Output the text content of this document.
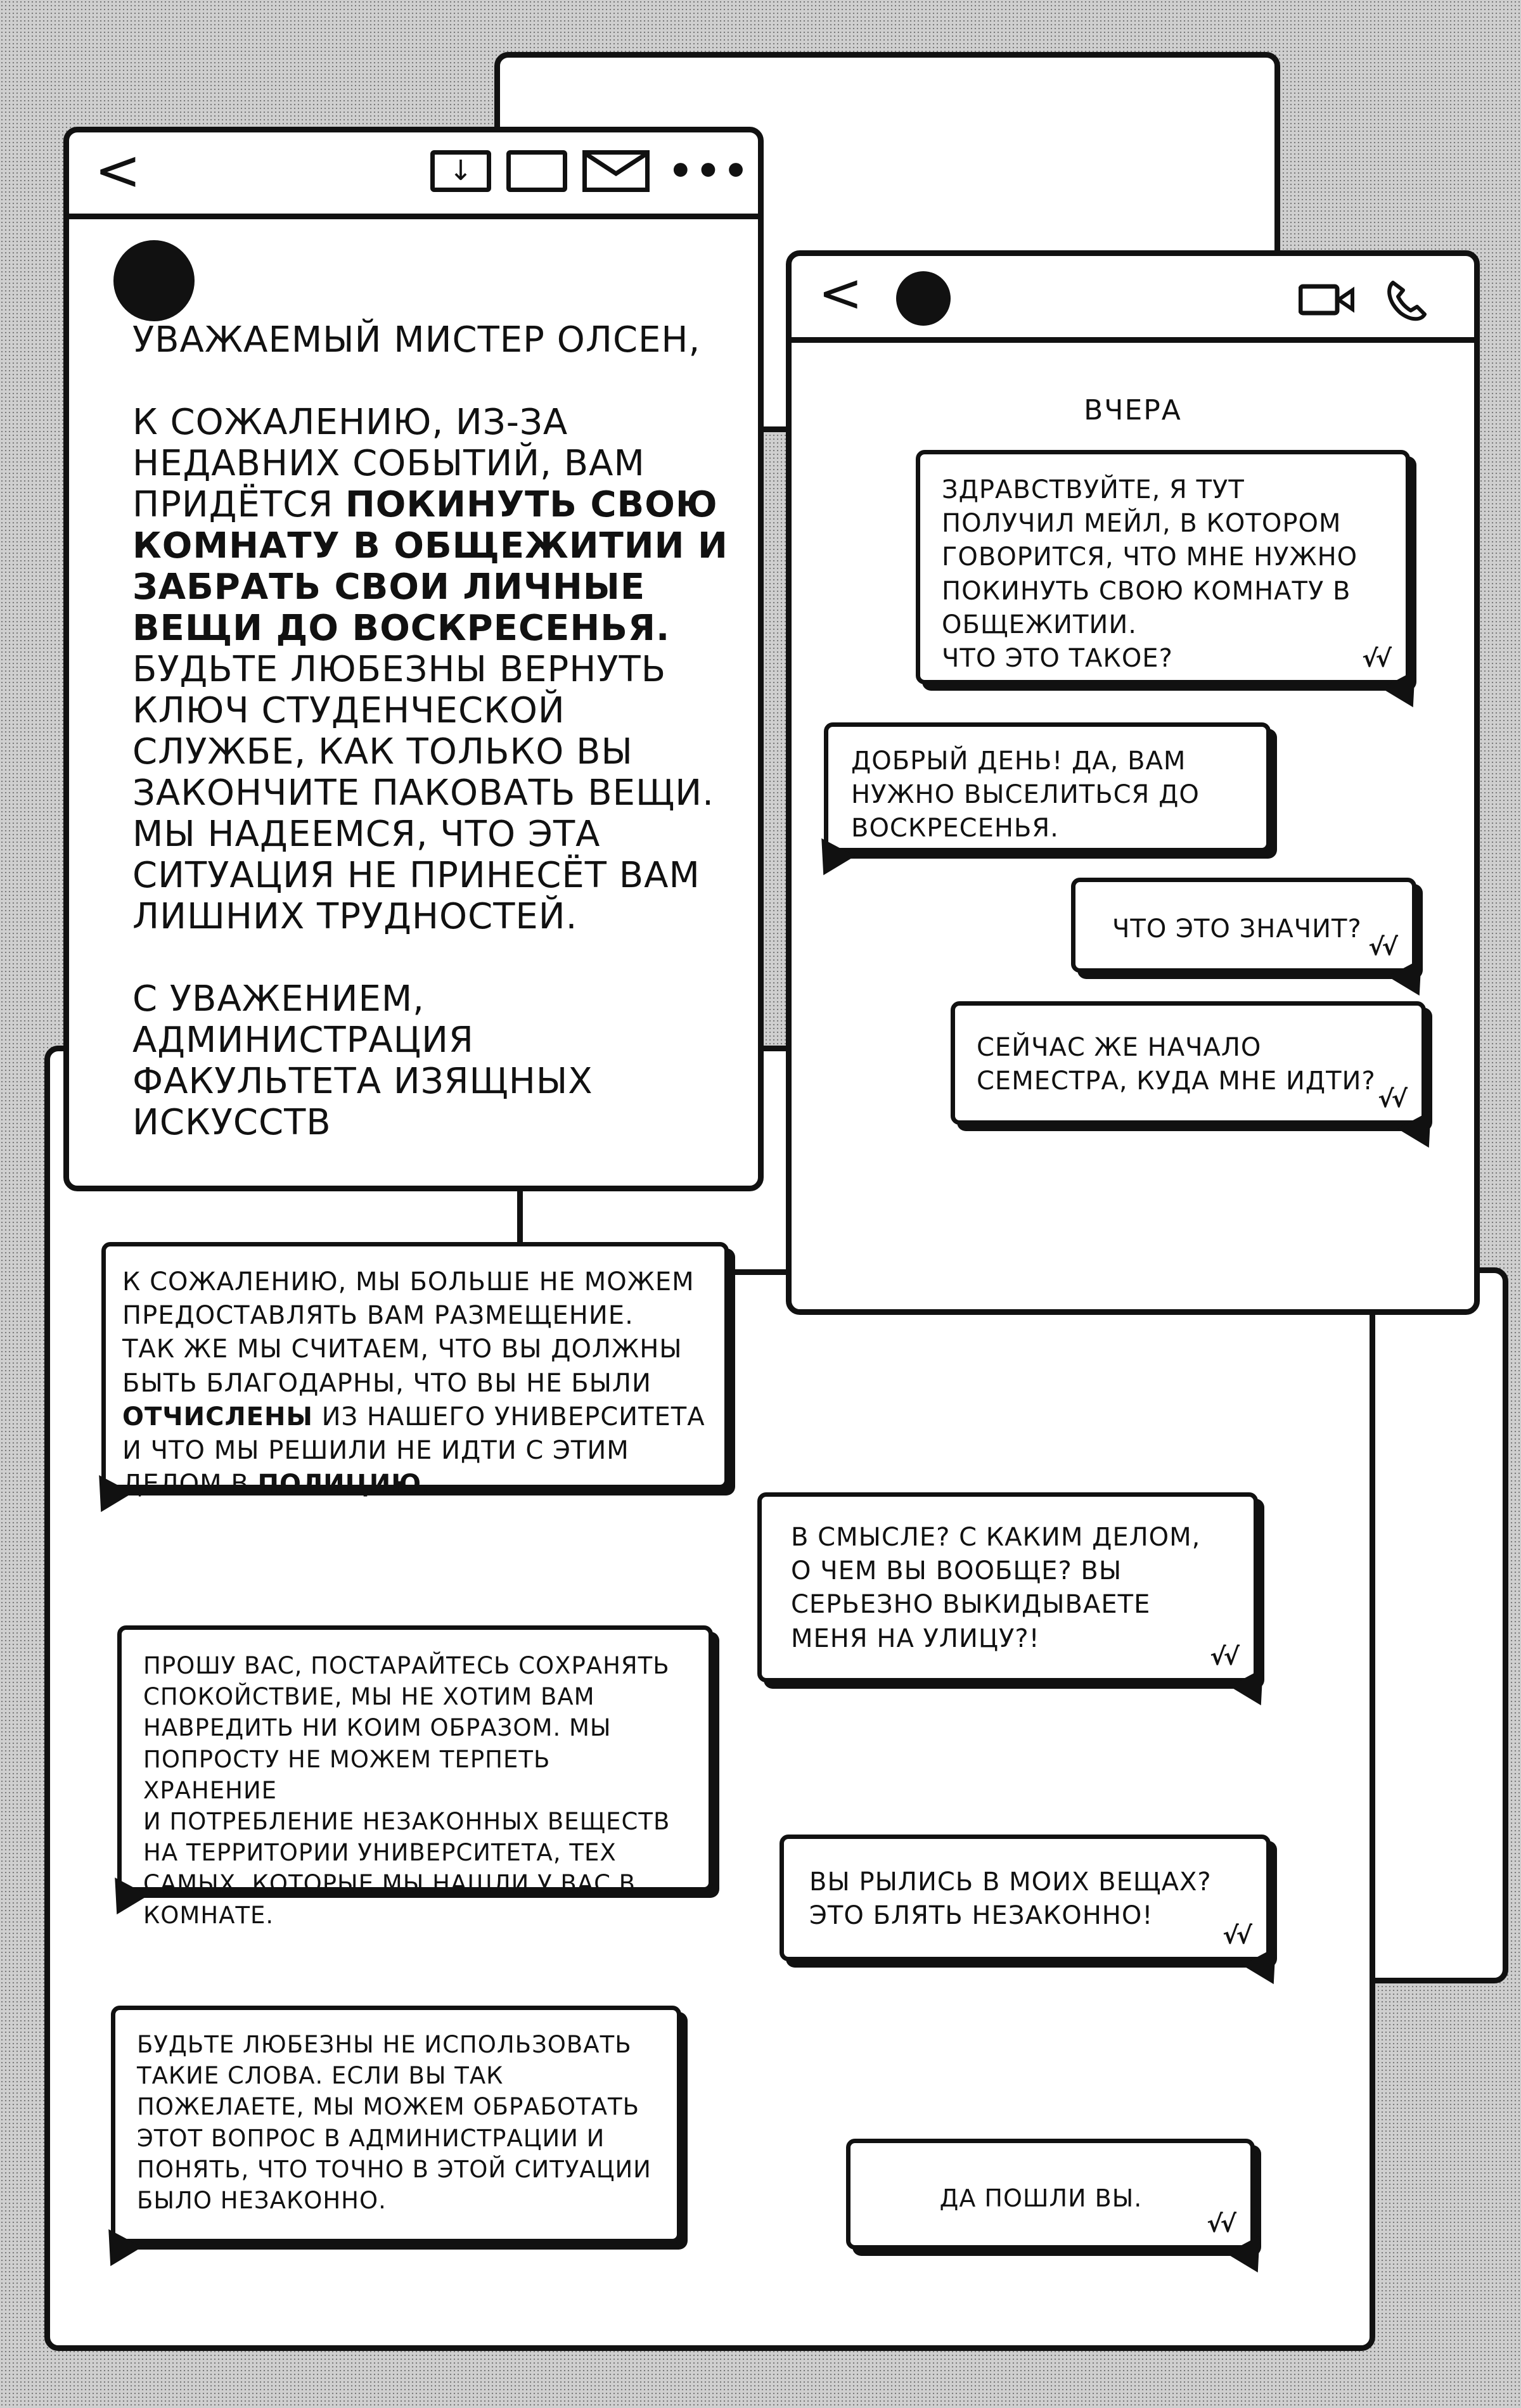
<	↓	•••
УВАЖАЕМЫЙ МИСТЕР ОЛСЕН,
К СОЖАЛЕНИЮ, ИЗ-ЗА
НЕДАВНИХ СОБЫТИЙ, ВАМ
ПРИДЁТСЯ ПОКИНУТЬ СВОЮ
КОМНАТУ В ОБЩЕЖИТИИ И
ЗАБРАТЬ СВОИ ЛИЧНЫЕ
ВЕЩИ ДО ВОСКРЕСЕНЬЯ.
БУДЬТЕ ЛЮБЕЗНЫ ВЕРНУТЬ
КЛЮЧ СТУДЕНЧЕСКОЙ
СЛУЖБЕ, КАК ТОЛЬКО ВЫ
ЗАКОНЧИТЕ ПАКОВАТЬ ВЕЩИ.
МЫ НАДЕЕМСЯ, ЧТО ЭТА
СИТУАЦИЯ НЕ ПРИНЕСЁТ ВАМ
ЛИШНИХ ТРУДНОСТЕЙ.
С УВАЖЕНИЕМ,
АДМИНИСТРАЦИЯ
ФАКУЛЬТЕТА ИЗЯЩНЫХ
ИСКУССТВ
<
ВЧЕРА
ЗДРАВСТВУЙТЕ, Я ТУТ
ПОЛУЧИЛ МЕЙЛ, В КОТОРОМ
ГОВОРИТСЯ, ЧТО МНЕ НУЖНО
ПОКИНУТЬ СВОЮ КОМНАТУ В
ОБЩЕЖИТИИ.
ЧТО ЭТО ТАКОЕ?	√√
ДОБРЫЙ ДЕНЬ! ДА, ВАМ
НУЖНО ВЫСЕЛИТЬСЯ ДО
ВОСКРЕСЕНЬЯ.
ЧТО ЭТО ЗНАЧИТ?
√√
СЕЙЧАС ЖЕ НАЧАЛО
СЕМЕСТРА, КУДА МНЕ ИДТИ?
√√
К СОЖАЛЕНИЮ, МЫ БОЛЬШЕ НЕ МОЖЕМ
ПРЕДОСТАВЛЯТЬ ВАМ РАЗМЕЩЕНИЕ.
ТАК ЖЕ МЫ СЧИТАЕМ, ЧТО ВЫ ДОЛЖНЫ
БЫТЬ БЛАГОДАРНЫ, ЧТО ВЫ НЕ БЫЛИ
ОТЧИСЛЕНЫ ИЗ НАШЕГО УНИВЕРСИТЕТА
И ЧТО МЫ РЕШИЛИ НЕ ИДТИ С ЭТИМ
ДЕЛОМ В ПОЛИЦИЮ.
В СМЫСЛЕ? С КАКИМ ДЕЛОМ,
О ЧЕМ ВЫ ВООБЩЕ? ВЫ
СЕРЬЕЗНО ВЫКИДЫВАЕТЕ
МЕНЯ НА УЛИЦУ?!
√√
ПРОШУ ВАС, ПОСТАРАЙТЕСЬ СОХРАНЯТЬ
СПОКОЙСТВИЕ, МЫ НЕ ХОТИМ ВАМ
НАВРЕДИТЬ НИ КОИМ ОБРАЗОМ. МЫ
ПОПРОСТУ НЕ МОЖЕМ ТЕРПЕТЬ ХРАНЕНИЕ
И ПОТРЕБЛЕНИЕ НЕЗАКОННЫХ ВЕЩЕСТВ
НА ТЕРРИТОРИИ УНИВЕРСИТЕТА, ТЕХ
САМЫХ, КОТОРЫЕ МЫ НАШЛИ У ВАС В
КОМНАТЕ.
ВЫ РЫЛИСЬ В МОИХ ВЕЩАХ?
ЭТО БЛЯТЬ НЕЗАКОННО!
√√
БУДЬТЕ ЛЮБЕЗНЫ НЕ ИСПОЛЬЗОВАТЬ
ТАКИЕ СЛОВА. ЕСЛИ ВЫ ТАК
ПОЖЕЛАЕТЕ, МЫ МОЖЕМ ОБРАБОТАТЬ
ЭТОТ ВОПРОС В АДМИНИСТРАЦИИ И
ПОНЯТЬ, ЧТО ТОЧНО В ЭТОЙ СИТУАЦИИ
БЫЛО НЕЗАКОННО.	ДА ПОШЛИ ВЫ.
√√
